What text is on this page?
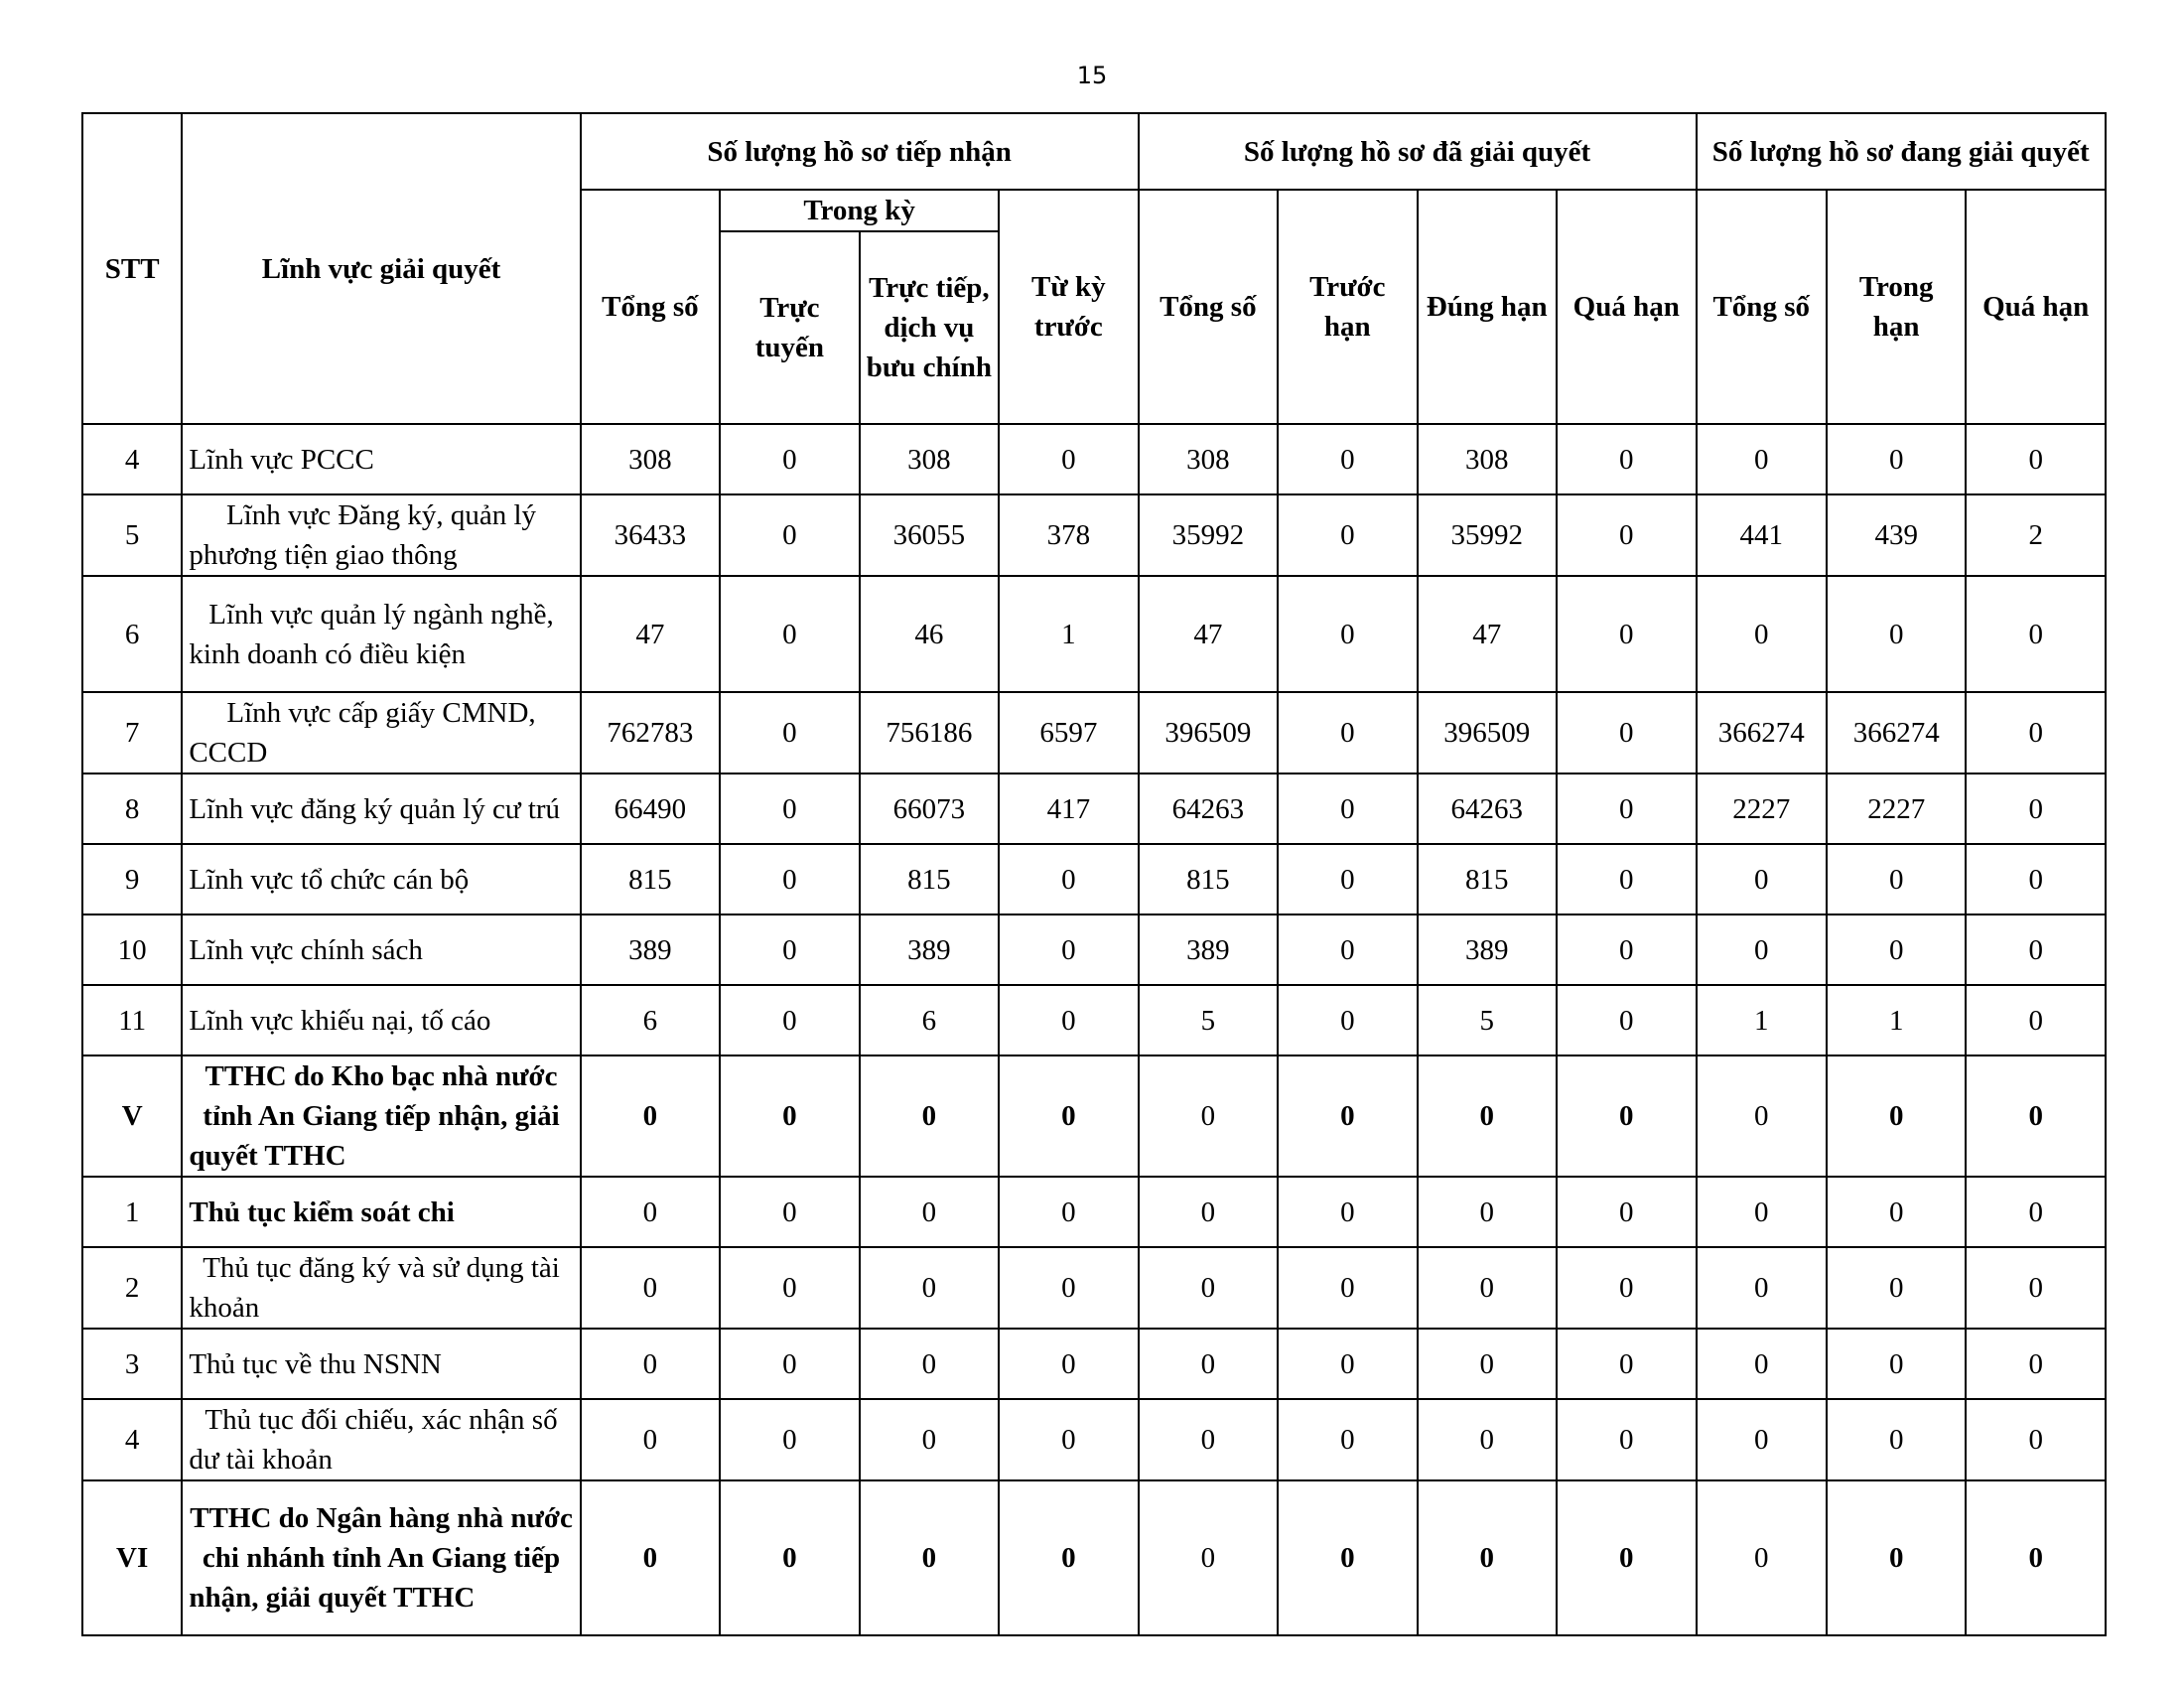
15
STT	Lĩnh vực giải quyết	Số lượng hồ sơ tiếp nhận				Số lượng hồ sơ đã giải quyết				Số lượng hồ sơ đang giải quyết		
		Tổng số	Trong kỳ		Từ kỳ trước	Tổng số	Trước hạn	Đúng hạn	Quá hạn	Tổng số	Trong hạn	Quá hạn
			Trực tuyến	Trực tiếp, dịch vụ bưu chính								
4	Lĩnh vực PCCC	308	0	308	0	308	0	308	0	0	0	0
5	Lĩnh vực Đăng ký, quản lý phương tiện giao thông	36433	0	36055	378	35992	0	35992	0	441	439	2
6	Lĩnh vực quản lý ngành nghề, kinh doanh có điều kiện	47	0	46	1	47	0	47	0	0	0	0
7	Lĩnh vực cấp giấy CMND, CCCD	762783	0	756186	6597	396509	0	396509	0	366274	366274	0
8	Lĩnh vực đăng ký quản lý cư trú	66490	0	66073	417	64263	0	64263	0	2227	2227	0
9	Lĩnh vực tổ chức cán bộ	815	0	815	0	815	0	815	0	0	0	0
10	Lĩnh vực chính sách	389	0	389	0	389	0	389	0	0	0	0
11	Lĩnh vực khiếu nại, tố cáo	6	0	6	0	5	0	5	0	1	1	0
V	TTHC do Kho bạc nhà nước tỉnh An Giang tiếp nhận, giải quyết TTHC	0	0	0	0	0	0	0	0	0	0	0
1	Thủ tục kiểm soát chi	0	0	0	0	0	0	0	0	0	0	0
2	Thủ tục đăng ký và sử dụng tài khoản	0	0	0	0	0	0	0	0	0	0	0
3	Thủ tục về thu NSNN	0	0	0	0	0	0	0	0	0	0	0
4	Thủ tục đối chiếu, xác nhận số dư tài khoản	0	0	0	0	0	0	0	0	0	0	0
VI	TTHC do Ngân hàng nhà nước chi nhánh tỉnh An Giang tiếp nhận, giải quyết TTHC	0	0	0	0	0	0	0	0	0	0	0
